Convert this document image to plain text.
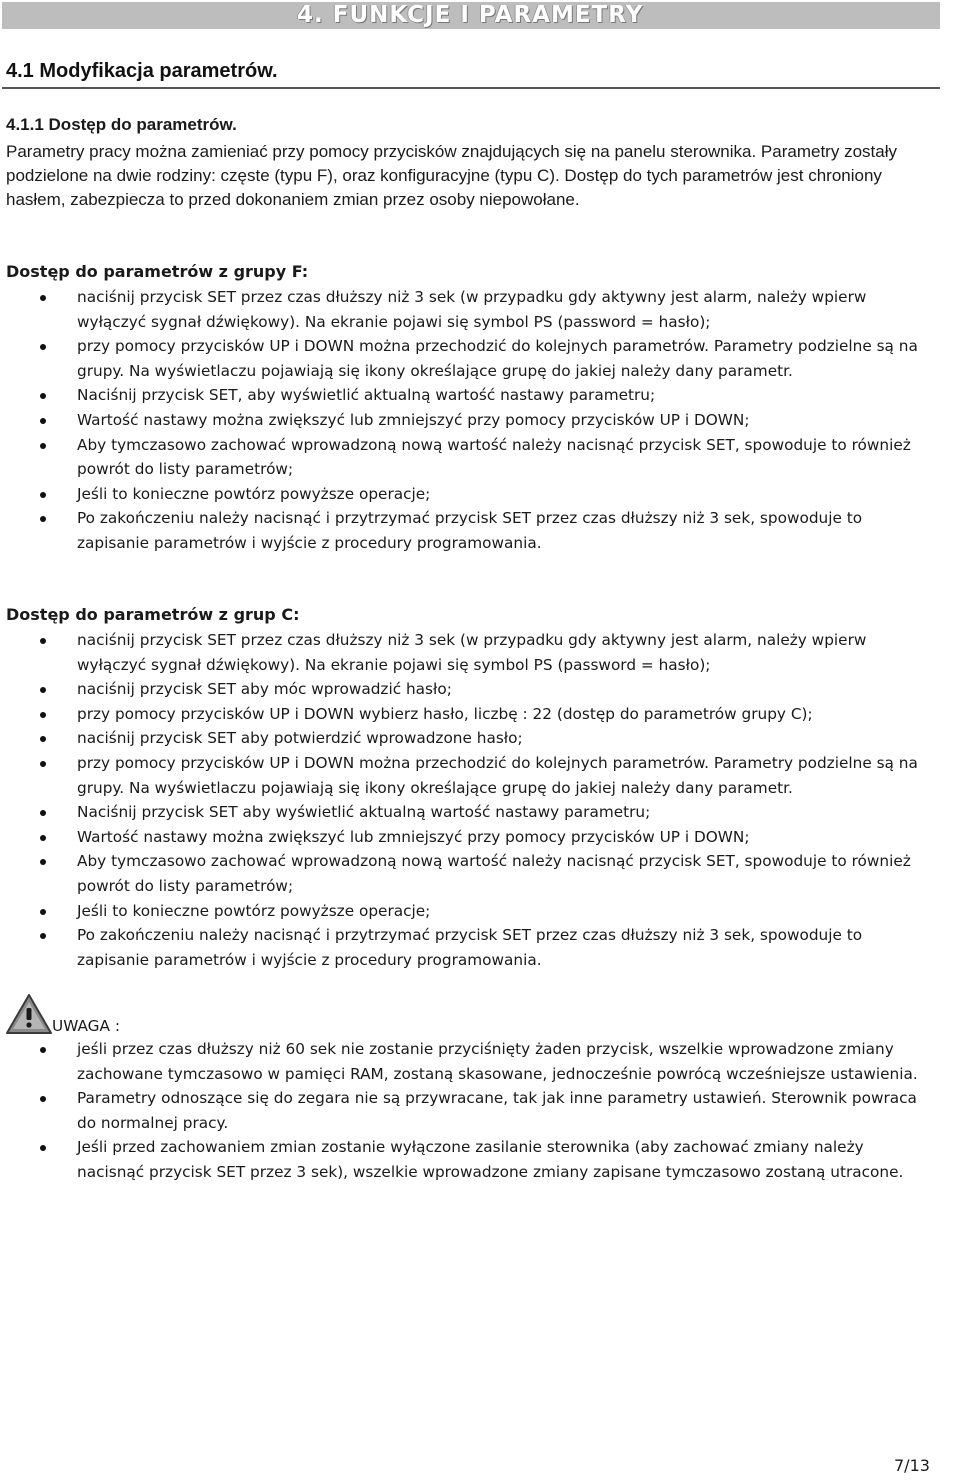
4. FUNKCJE I PARAMETRY
4.1 Modyfikacja parametrów.
4.1.1 Dostęp do parametrów.
Parametry pracy można zamieniać przy pomocy przycisków znajdujących się na panelu sterownika. Parametry zostały podzielone na dwie rodziny: częste (typu F), oraz konfiguracyjne (typu C). Dostęp do tych parametrów jest chroniony hasłem, zabezpiecza to przed dokonaniem zmian przez osoby niepowołane.
Dostęp do parametrów z grupy F:
naciśnij przycisk SET przez czas dłuższy niż 3 sek (w przypadku gdy aktywny jest alarm, należy wpierw wyłączyć sygnał dźwiękowy). Na ekranie pojawi się symbol PS (password = hasło);
przy pomocy przycisków UP i DOWN można przechodzić do kolejnych parametrów. Parametry podzielne są na grupy. Na wyświetlaczu pojawiają się ikony określające grupę do jakiej należy dany parametr.
Naciśnij przycisk SET, aby wyświetlić aktualną wartość nastawy parametru;
Wartość nastawy można zwiększyć lub zmniejszyć przy pomocy przycisków UP i DOWN;
Aby tymczasowo zachować wprowadzoną nową wartość należy nacisnąć przycisk SET, spowoduje to również powrót do listy parametrów;
Jeśli to konieczne powtórz powyższe operacje;
Po zakończeniu należy nacisnąć i przytrzymać przycisk SET przez czas dłuższy niż 3 sek, spowoduje to zapisanie parametrów i wyjście z procedury programowania.
Dostęp do parametrów z grup C:
naciśnij przycisk SET przez czas dłuższy niż 3 sek (w przypadku gdy aktywny jest alarm, należy wpierw wyłączyć sygnał dźwiękowy). Na ekranie pojawi się symbol PS (password = hasło);
naciśnij przycisk SET aby móc wprowadzić hasło;
przy pomocy przycisków UP i DOWN wybierz hasło, liczbę : 22 (dostęp do parametrów grupy C);
naciśnij przycisk SET aby potwierdzić wprowadzone hasło;
przy pomocy przycisków UP i DOWN można przechodzić do kolejnych parametrów. Parametry podzielne są na grupy. Na wyświetlaczu pojawiają się ikony określające grupę do jakiej należy dany parametr.
Naciśnij przycisk SET aby wyświetlić aktualną wartość nastawy parametru;
Wartość nastawy można zwiększyć lub zmniejszyć przy pomocy przycisków UP i DOWN;
Aby tymczasowo zachować wprowadzoną nową wartość należy nacisnąć przycisk SET, spowoduje to również powrót do listy parametrów;
Jeśli to konieczne powtórz powyższe operacje;
Po zakończeniu należy nacisnąć i przytrzymać przycisk SET przez czas dłuższy niż 3 sek, spowoduje to zapisanie parametrów i wyjście z procedury programowania.
UWAGA :
jeśli przez czas dłuższy niż 60 sek nie zostanie przyciśnięty żaden przycisk, wszelkie wprowadzone zmiany zachowane tymczasowo w pamięci RAM, zostaną skasowane, jednocześnie powrócą wcześniejsze ustawienia.
Parametry odnoszące się do zegara nie są przywracane, tak jak inne parametry ustawień. Sterownik powraca do normalnej pracy.
Jeśli przed zachowaniem zmian zostanie wyłączone zasilanie sterownika (aby zachować zmiany należy nacisnąć przycisk SET przez 3 sek), wszelkie wprowadzone zmiany zapisane tymczasowo zostaną utracone.
7/13
